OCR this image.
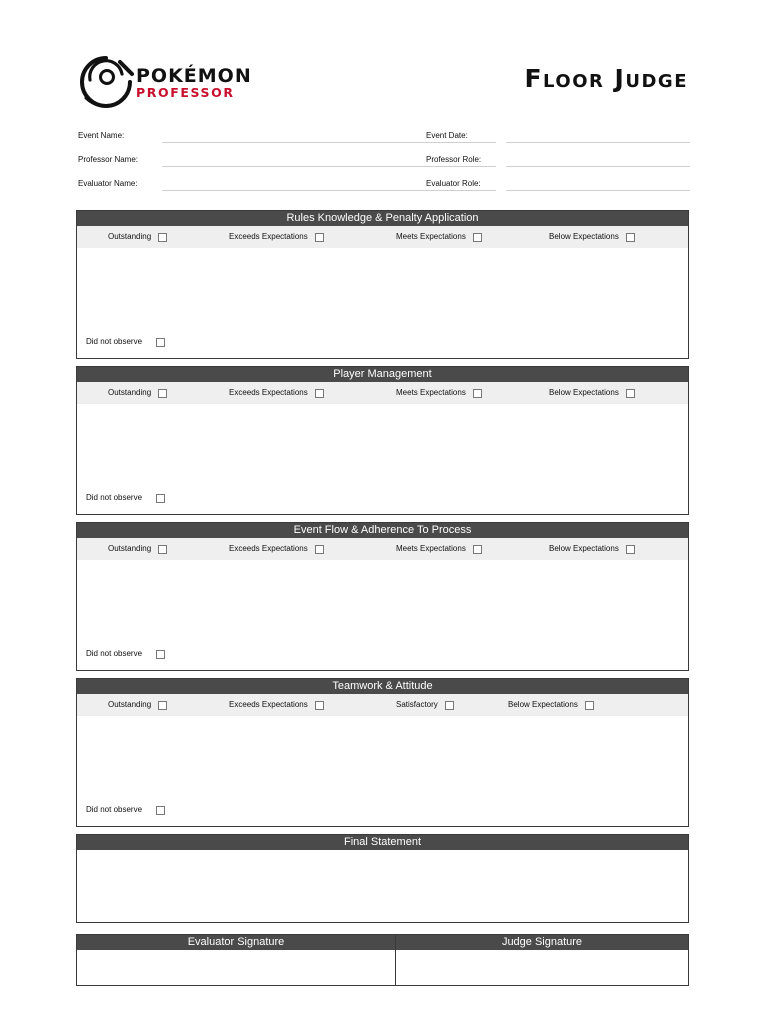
POKÉMON
PROFESSOR	Floor Judge
Event Name:
Professor Name:
Evaluator Name:
Event Date:
Professor Role:
Evaluator Role:
Rules Knowledge & Penalty Application
Outstanding	Exceeds Expectations	Meets Expectations	Below Expectations
Did not observe
Player Management
Outstanding	Exceeds Expectations	Meets Expectations	Below Expectations
Did not observe
Event Flow & Adherence To Process
Outstanding	Exceeds Expectations	Meets Expectations	Below Expectations
Did not observe
Teamwork & Attitude
Outstanding	Exceeds Expectations	Satisfactory	Below Expectations
Did not observe
Final Statement
Evaluator Signature	Judge Signature
